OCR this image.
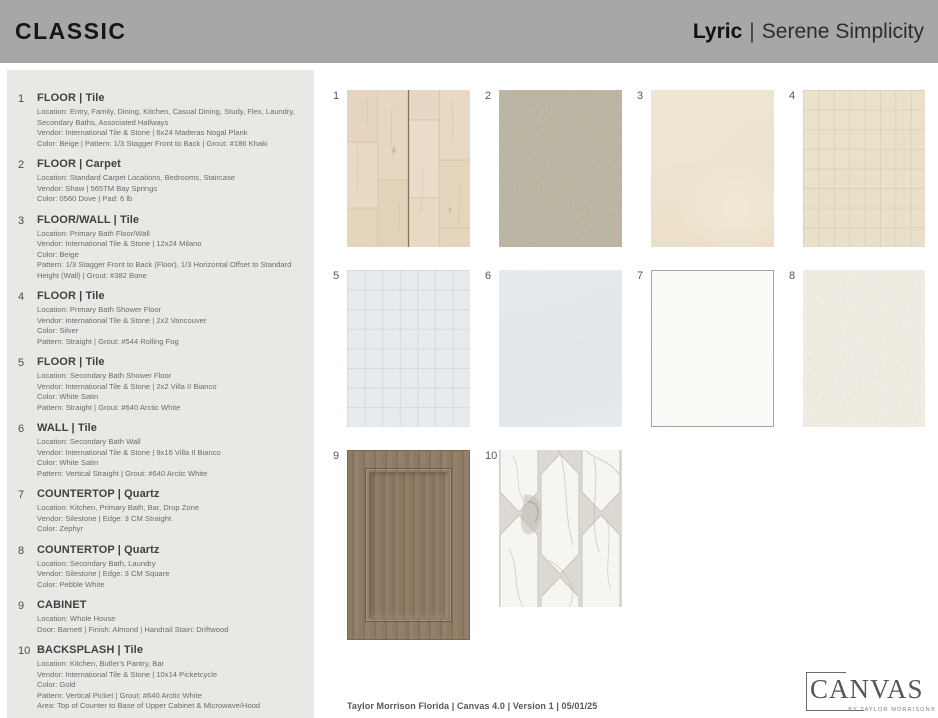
CLASSIC	Lyric | Serene Simplicity
1	FLOOR | Tile
Location: Entry, Family, Dining, Kitchen, Casual Dining, Study, Flex, Laundry, Secondary Baths, Associated Hallways
Vendor: International Tile & Stone | 6x24 Maderas Nogal Plank
Color: Beige | Pattern: 1/3 Stagger Front to Back | Grout: #186 Khaki
2	FLOOR | Carpet
Location: Standard Carpet Locations, Bedrooms, Staircase
Vendor: Shaw | 565TM Bay Springs
Color: 0560 Dove | Pad: 6 lb
3	FLOOR/WALL | Tile
Location: Primary Bath Floor/Wall
Vendor: International Tile & Stone | 12x24 Milano
Color: Beige
Pattern: 1/3 Stagger Front to Back (Floor), 1/3 Horizontal Offset to Standard Height (Wall) | Grout: #382 Bone
4	FLOOR | Tile
Location: Primary Bath Shower Floor
Vendor: International Tile & Stone | 2x2 Vancouver
Color: Silver
Pattern: Straight | Grout: #544 Rolling Fog
5	FLOOR | Tile
Location: Secondary Bath Shower Floor
Vendor: International Tile & Stone | 2x2 Villa II Bianco
Color: White Satin
Pattern: Straight | Grout: #640 Arctic White
6	WALL | Tile
Location: Secondary Bath Wall
Vendor: International Tile & Stone | 9x16 Villa II Bianco
Color: White Satin
Pattern: Vertical Straight | Grout: #640 Arctic White
7	COUNTERTOP | Quartz
Location: Kitchen, Primary Bath, Bar, Drop Zone
Vendor: Silestone | Edge: 3 CM Straight
Color: Zephyr
8	COUNTERTOP | Quartz
Location: Secondary Bath, Laundry
Vendor: Silestone | Edge: 3 CM Square
Color: Pebble White
9	CABINET
Location: Whole House
Door: Barnett | Finish: Almond | Handrail Stain: Driftwood
10 BACKSPLASH | Tile
Location: Kitchen, Butler's Pantry, Bar
Vendor: International Tile & Stone | 10x14 Picketcycle
Color: Gold
Pattern: Vertical Picket | Grout: #640 Arctic White
Area: Top of Counter to Base of Upper Cabinet & Microwave/Hood
1	2	3	4
5	6	7	8
9	10
Taylor Morrison Florida | Canvas 4.0 | Version 1 | 05/01/25
CANVAS
BY TAYLOR MORRISON®
